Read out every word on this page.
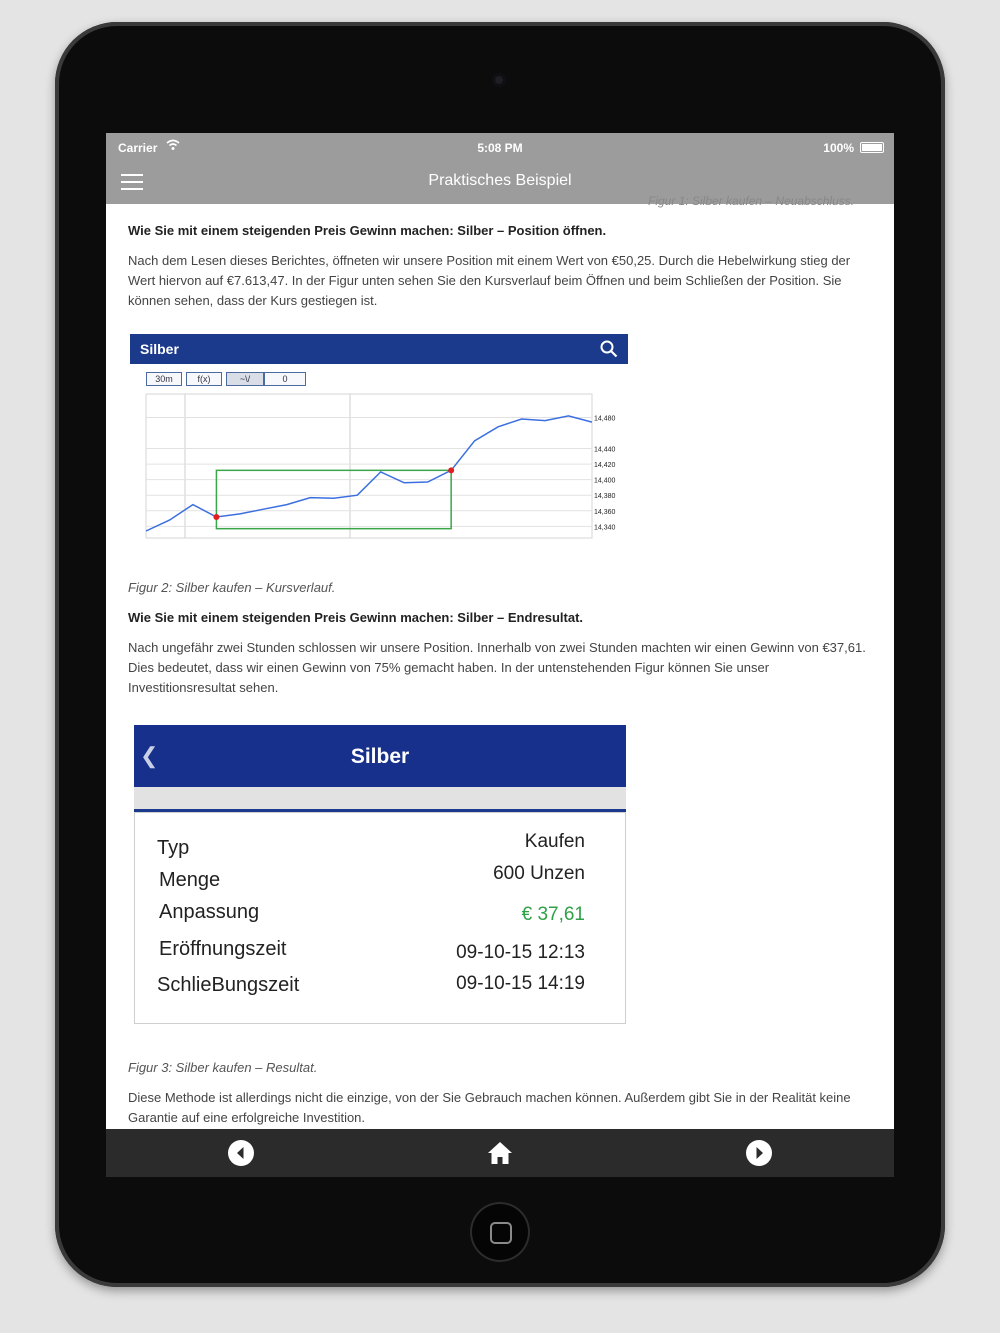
Carrier	5:08 PM	100%
Praktisches Beispiel
Figur 1: Silber kaufen – Neuabschluss.
Wie Sie mit einem steigenden Preis Gewinn machen: Silber – Position öffnen.

Nach dem Lesen dieses Berichtes, öffneten wir unsere Position mit einem Wert von €50,25. Durch die Hebelwirkung stieg der Wert hiervon auf €7.613,47. In der Figur unten sehen Sie den Kursverlauf beim Öffnen und beim Schließen der Position. Sie können sehen, dass der Kurs gestiegen ist.

Silber
30m	f(x)	~\/	0
14,480
14,440
14,420
14,400
14,380
14,360
14,340
Figur 2: Silber kaufen – Kursverlauf.
Wie Sie mit einem steigenden Preis Gewinn machen: Silber – Endresultat.

Nach ungefähr zwei Stunden schlossen wir unsere Position. Innerhalb von zwei Stunden machten wir einen Gewinn von €37,61. Dies bedeutet, dass wir einen Gewinn von 75% gemacht haben. In der untenstehenden Figur können Sie unser Investitionsresultat sehen.

❮	Silber
Typ	Kaufen
Menge	600 Unzen
Anpassung	€ 37,61
Eröffnungszeit	09-10-15 12:13
SchlieBungszeit	09-10-15 14:19
Figur 3: Silber kaufen – Resultat.

Diese Methode ist allerdings nicht die einzige, von der Sie Gebrauch machen können. Außerdem gibt Sie in der Realität keine Garantie auf eine erfolgreiche Investition.
